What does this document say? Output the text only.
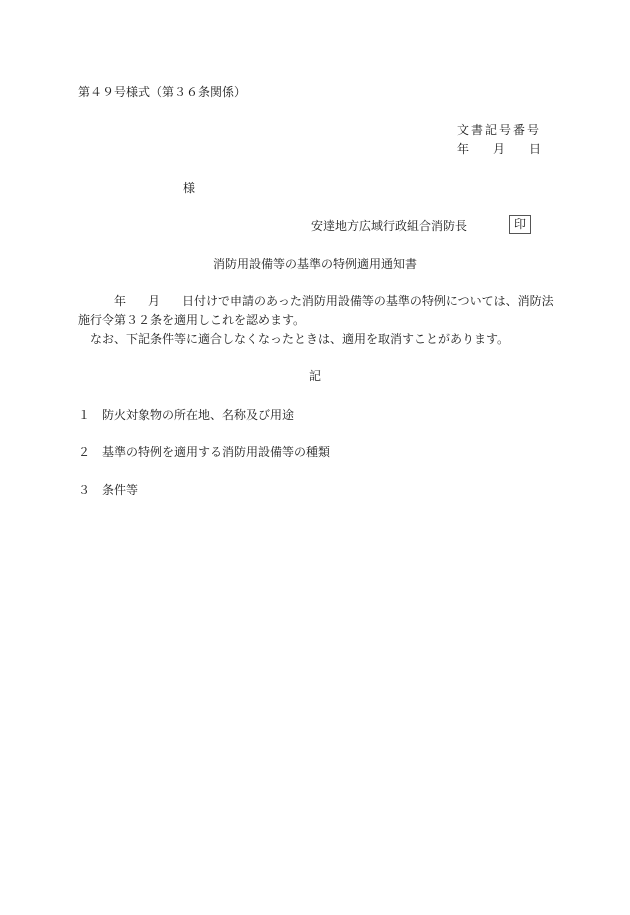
第４９号様式（第３６条関係）
文書記号番号
年 月 日
様
安達地方広域行政組合消防長	印
消防用設備等の基準の特例適用通知書

年 月 日付けで申請のあった消防用設備等の基準の特例については、消防法

施行令第３２条を適用しこれを認めます。

なお、下記条件等に適合しなくなったときは、適用を取消すことがあります。

記
１ 防火対象物の所在地、名称及び用途
２ 基準の特例を適用する消防用設備等の種類
３ 条件等
